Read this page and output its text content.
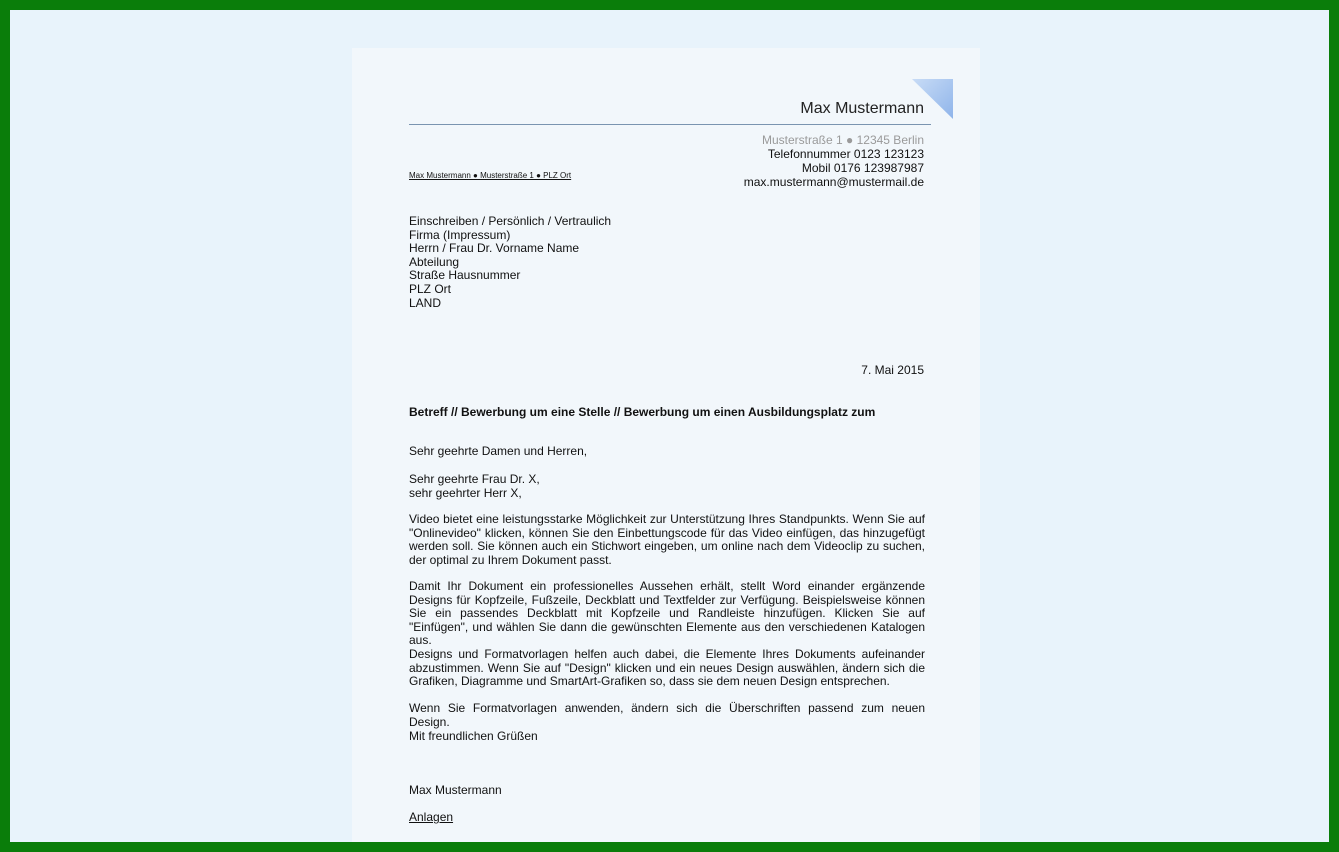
Max Mustermann
Musterstraße 1 ● 12345 Berlin
Telefonnummer 0123 123123
Mobil 0176 123987987
max.mustermann@mustermail.de
Max Mustermann ● Musterstraße 1 ● PLZ Ort
Einschreiben / Persönlich / Vertraulich
Firma (Impressum)
Herrn / Frau Dr. Vorname Name
Abteilung
Straße Hausnummer
PLZ Ort
LAND
7. Mai 2015
Betreff // Bewerbung um eine Stelle // Bewerbung um einen Ausbildungsplatz zum
Sehr geehrte Damen und Herren,
Sehr geehrte Frau Dr. X,
sehr geehrter Herr X,
Video bietet eine leistungsstarke Möglichkeit zur Unterstützung Ihres Standpunkts. Wenn Sie auf "Onlinevideo" klicken, können Sie den Einbettungscode für das Video einfügen, das hinzugefügt werden soll. Sie können auch ein Stichwort eingeben, um online nach dem Videoclip zu suchen, der optimal zu Ihrem Dokument passt.
Damit Ihr Dokument ein professionelles Aussehen erhält, stellt Word einander ergänzende Designs für Kopfzeile, Fußzeile, Deckblatt und Textfelder zur Verfügung. Beispielsweise können Sie ein passendes Deckblatt mit Kopfzeile und Randleiste hinzufügen. Klicken Sie auf "Einfügen", und wählen Sie dann die gewünschten Elemente aus den verschiedenen Katalogen aus.
Designs und Formatvorlagen helfen auch dabei, die Elemente Ihres Dokuments aufeinander abzustimmen. Wenn Sie auf "Design" klicken und ein neues Design auswählen, ändern sich die Grafiken, Diagramme und SmartArt-Grafiken so, dass sie dem neuen Design entsprechen.
Wenn Sie Formatvorlagen anwenden, ändern sich die Überschriften passend zum neuen Design.
Mit freundlichen Grüßen
Max Mustermann
Anlagen
